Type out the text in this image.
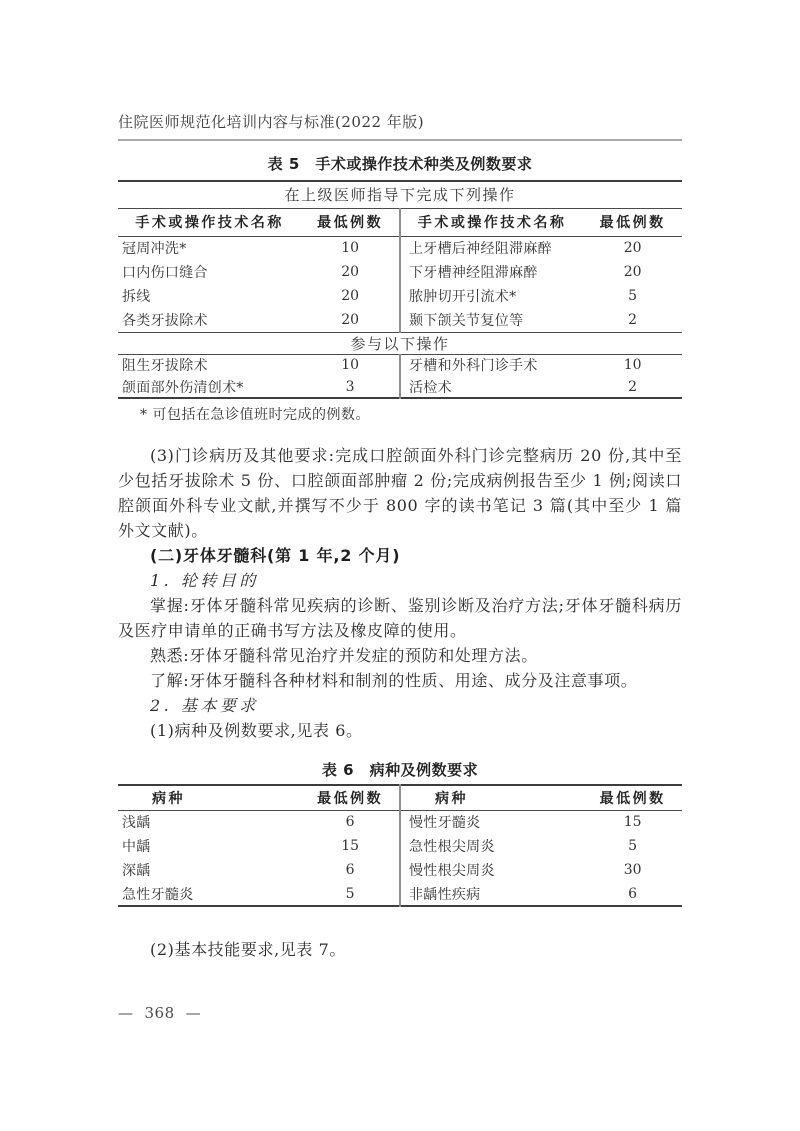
住院医师规范化培训内容与标准(2022 年版)
表 5　手术或操作技术种类及例数要求
在上级医师指导下完成下列操作			
手术或操作技术名称	最低例数	手术或操作技术名称	最低例数
冠周冲洗*	10	上牙槽后神经阻滞麻醉	20
口内伤口缝合	20	下牙槽神经阻滞麻醉	20
拆线	20	脓肿切开引流术*	5
各类牙拔除术	20	颞下颌关节复位等	2
参与以下操作			
阻生牙拔除术	10	牙槽和外科门诊手术	10
颌面部外伤清创术*	3	活检术	2
* 可包括在急诊值班时完成的例数。

(3)门诊病历及其他要求:完成口腔颌面外科门诊完整病历 20 份,其中至少包括牙拔除术 5 份、口腔颌面部肿瘤 2 份;完成病例报告至少 1 例;阅读口腔颌面外科专业文献,并撰写不少于 800 字的读书笔记 3 篇(其中至少 1 篇外文文献)。

(二)牙体牙髓科(第 1 年,2 个月)

1. 轮转目的

掌握:牙体牙髓科常见疾病的诊断、鉴别诊断及治疗方法;牙体牙髓科病历及医疗申请单的正确书写方法及橡皮障的使用。

熟悉:牙体牙髓科常见治疗并发症的预防和处理方法。

了解:牙体牙髓科各种材料和制剂的性质、用途、成分及注意事项。

2. 基本要求

(1)病种及例数要求,见表 6。

表 6　病种及例数要求
病种	最低例数	病种	最低例数
浅龋	6	慢性牙髓炎	15
中龋	15	急性根尖周炎	5
深龋	6	慢性根尖周炎	30
急性牙髓炎	5	非龋性疾病	6

(2)基本技能要求,见表 7。

— 368 —
